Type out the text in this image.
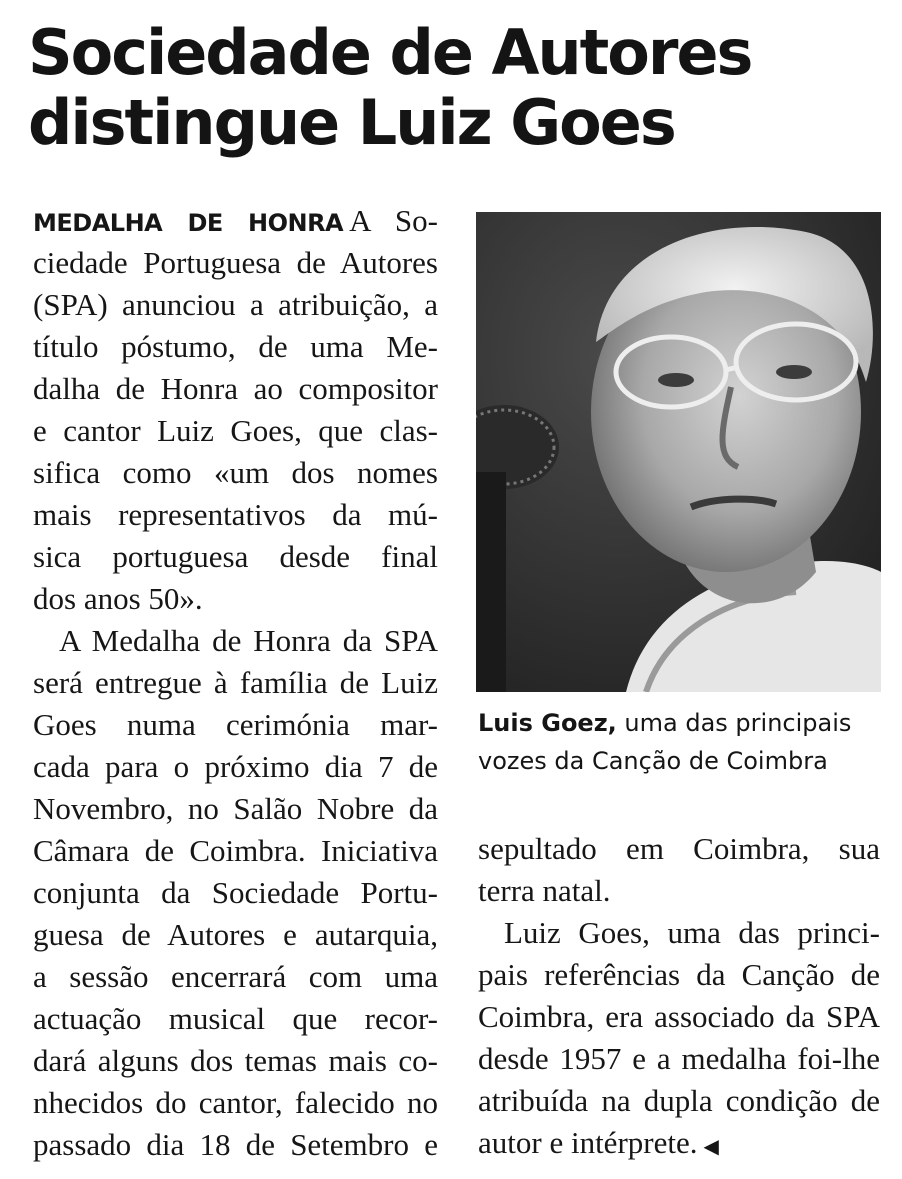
Sociedade de Autores
distingue Luiz Goes
MEDALHA DE HONRA A So-
ciedade Portuguesa de Autores
(SPA) anunciou a atribuição, a
título póstumo, de uma Me-
dalha de Honra ao compositor
e cantor Luiz Goes, que clas-
sifica como «um dos nomes
mais representativos da mú-
sica portuguesa desde final
dos anos 50».
A Medalha de Honra da SPA
será entregue à família de Luiz
Goes numa cerimónia mar-
cada para o próximo dia 7 de
Novembro, no Salão Nobre da
Câmara de Coimbra. Iniciativa
conjunta da Sociedade Portu-
guesa de Autores e autarquia,
a sessão encerrará com uma
actuação musical que recor-
dará alguns dos temas mais co-
nhecidos do cantor, falecido no
passado dia 18 de Setembro e
Luis Goez, uma das principais
vozes da Canção de Coimbra
sepultado em Coimbra, sua
terra natal.
Luiz Goes, uma das princi-
pais referências da Canção de
Coimbra, era associado da SPA
desde 1957 e a medalha foi-lhe
atribuída na dupla condição de
autor e intérprete. ◀
